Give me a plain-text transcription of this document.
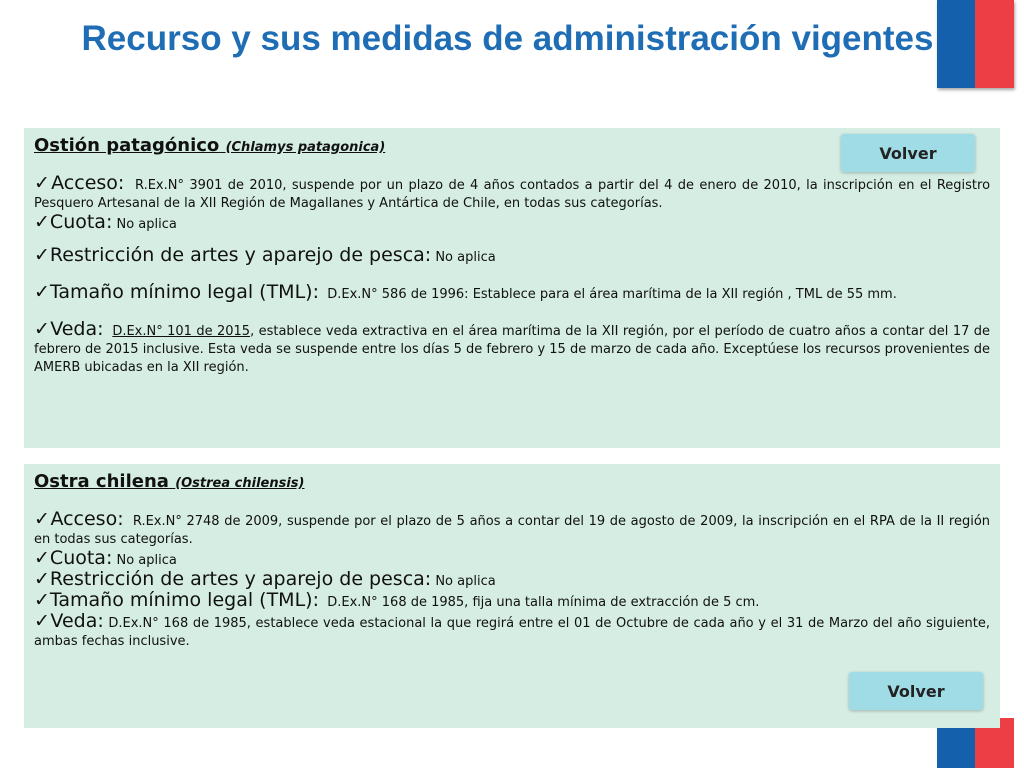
Recurso y sus medidas de administración vigentes
Ostión patagónico (Chlamys patagonica)	Volver

✓Acceso: R.Ex.N° 3901 de 2010, suspende por un plazo de 4 años contados a partir del 4 de enero de 2010, la inscripción en el Registro Pesquero Artesanal de la XII Región de Magallanes y Antártica de Chile, en todas sus categorías.

✓Cuota: No aplica

✓Restricción de artes y aparejo de pesca: No aplica

✓Tamaño mínimo legal (TML): D.Ex.N° 586 de 1996: Establece para el área marítima de la XII región , TML de 55 mm.

✓Veda: D.Ex.N° 101 de 2015, establece veda extractiva en el área marítima de la XII región, por el período de cuatro años a contar del 17 de febrero de 2015 inclusive. Esta veda se suspende entre los días 5 de febrero y 15 de marzo de cada año. Exceptúese los recursos provenientes de AMERB ubicadas en la XII región.

Ostra chilena (Ostrea chilensis)

✓Acceso: R.Ex.N° 2748 de 2009, suspende por el plazo de 5 años a contar del 19 de agosto de 2009, la inscripción en el RPA de la II región en todas sus categorías.

✓Cuota: No aplica

✓Restricción de artes y aparejo de pesca: No aplica

✓Tamaño mínimo legal (TML): D.Ex.N° 168 de 1985, fija una talla mínima de extracción de 5 cm.

✓Veda: D.Ex.N° 168 de 1985, establece veda estacional la que regirá entre el 01 de Octubre de cada año y el 31 de Marzo del año siguiente, ambas fechas inclusive.

Volver
